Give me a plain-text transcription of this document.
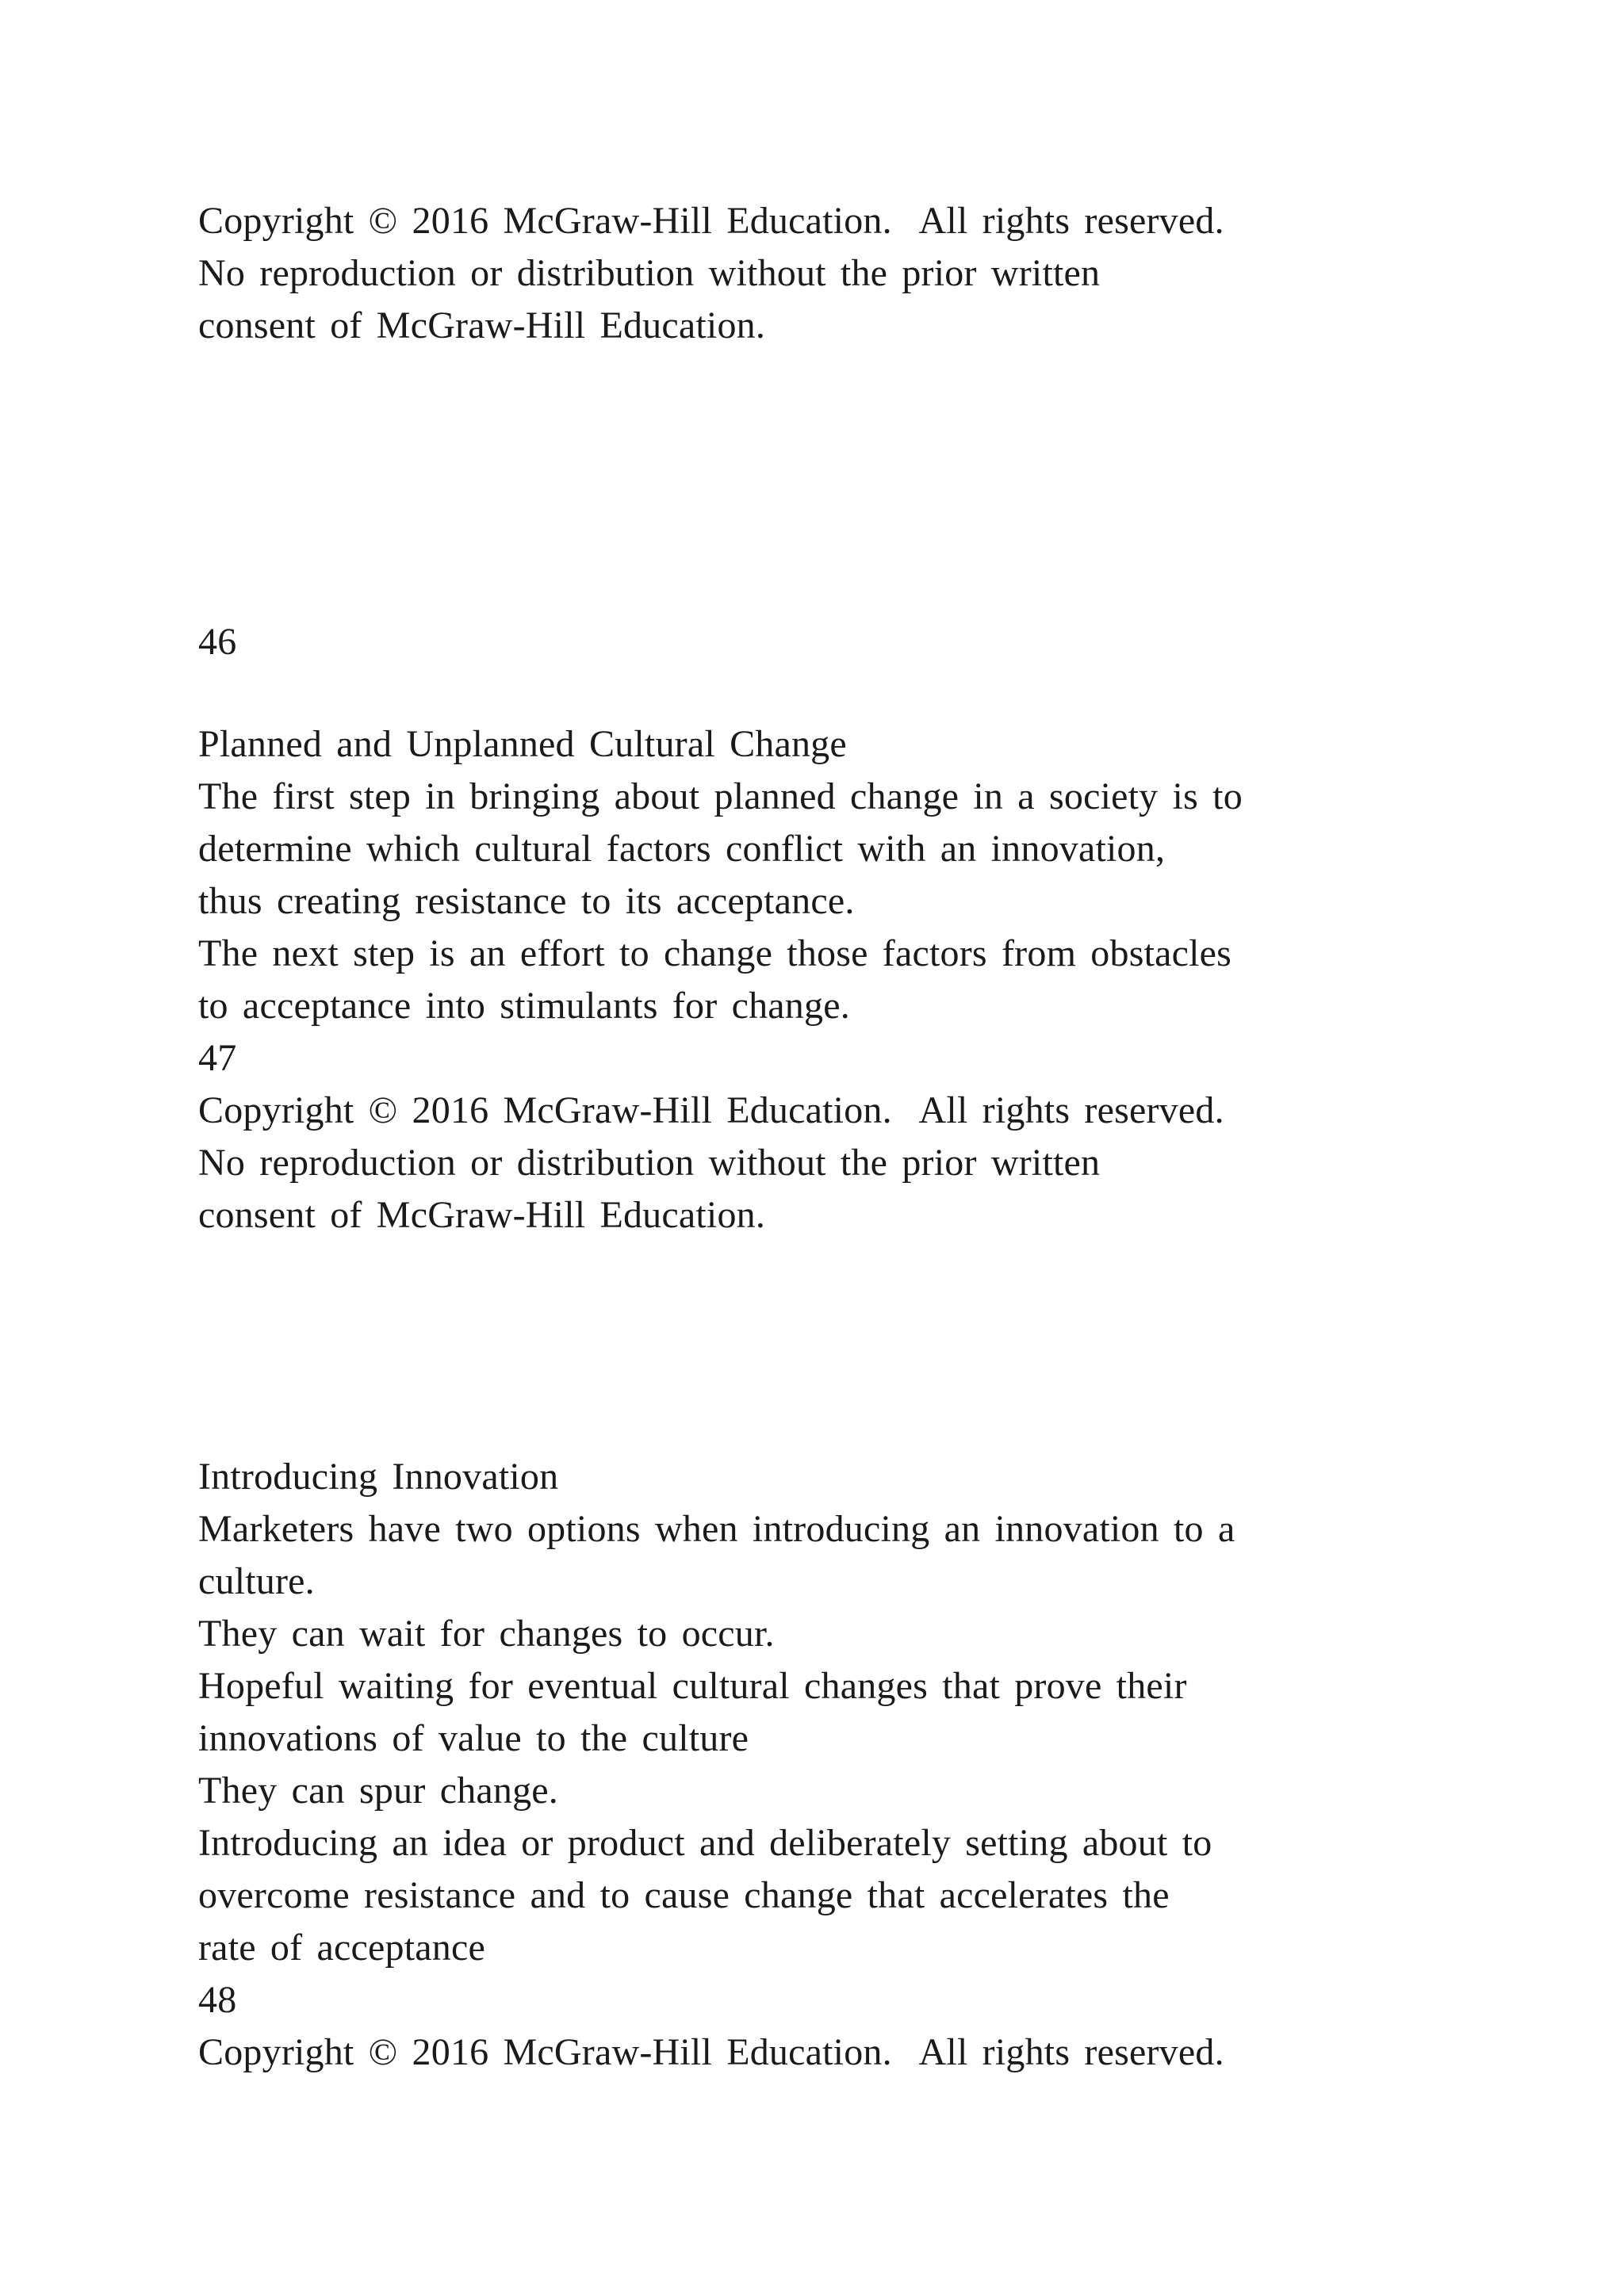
Copyright © 2016 McGraw-Hill Education.  All rights reserved.

No reproduction or distribution without the prior written

consent of McGraw-Hill Education.

46

Planned and Unplanned Cultural Change

The first step in bringing about planned change in a society is to

determine which cultural factors conflict with an innovation,

thus creating resistance to its acceptance.

The next step is an effort to change those factors from obstacles

to acceptance into stimulants for change.

47

Copyright © 2016 McGraw-Hill Education.  All rights reserved.

No reproduction or distribution without the prior written

consent of McGraw-Hill Education.

Introducing Innovation

Marketers have two options when introducing an innovation to a

culture.

They can wait for changes to occur.

Hopeful waiting for eventual cultural changes that prove their

innovations of value to the culture

They can spur change.

Introducing an idea or product and deliberately setting about to

overcome resistance and to cause change that accelerates the

rate of acceptance

48

Copyright © 2016 McGraw-Hill Education.  All rights reserved.
